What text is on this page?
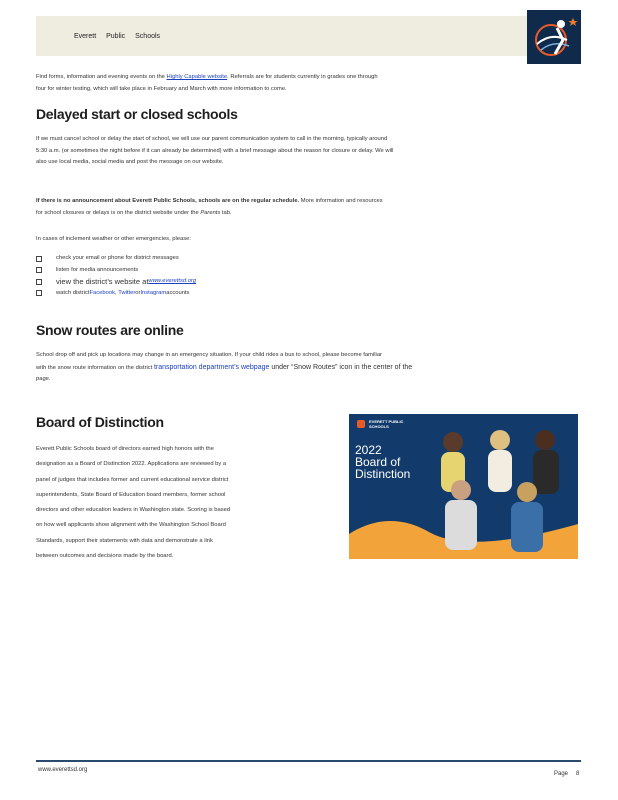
Everett Public Schools
Find forms, information and evening events on the Highly Capable website. Referrals are for students currently in grades one through
four for winter testing, which will take place in February and March with more information to come.
Delayed start or closed schools
If we must cancel school or delay the start of school, we will use our parent communication system to call in the morning, typically around
5:30 a.m. (or sometimes the night before if it can already be determined) with a brief message about the reason for closure or delay. We will
also use local media, social media and post the message on our website.
If there is no announcement about Everett Public Schools, schools are on the regular schedule. More information and resources
for school closures or delays is on the district website under the Parents tab.
In cases of inclement weather or other emergencies, please:
check your email or phone for district messages
listen for media announcements
view the district’s website at www.everettsd.org
watch district Facebook , Twitter or Instagram accounts
Snow routes are online
School drop off and pick up locations may change in an emergency situation. If your child rides a bus to school, please become familiar
with the snow route information on the district transportation department’s webpage under “Snow Routes” icon in the center of the
page.
Board of Distinction
Everett Public Schools board of directors earned high honors with the
designation as a Board of Distinction 2022. Applications are reviewed by a
panel of judges that includes former and current educational service district
superintendents, State Board of Education board members, former school
directors and other education leaders in Washington state. Scoring is based
on how well applicants show alignment with the Washington School Board
Standards, support their statements with data and demonstrate a link
between outcomes and decisions made by the board.
EVERETT PUBLIC SCHOOLS
2022
Board of
Distinction
www.everettsd.org
Page 8
